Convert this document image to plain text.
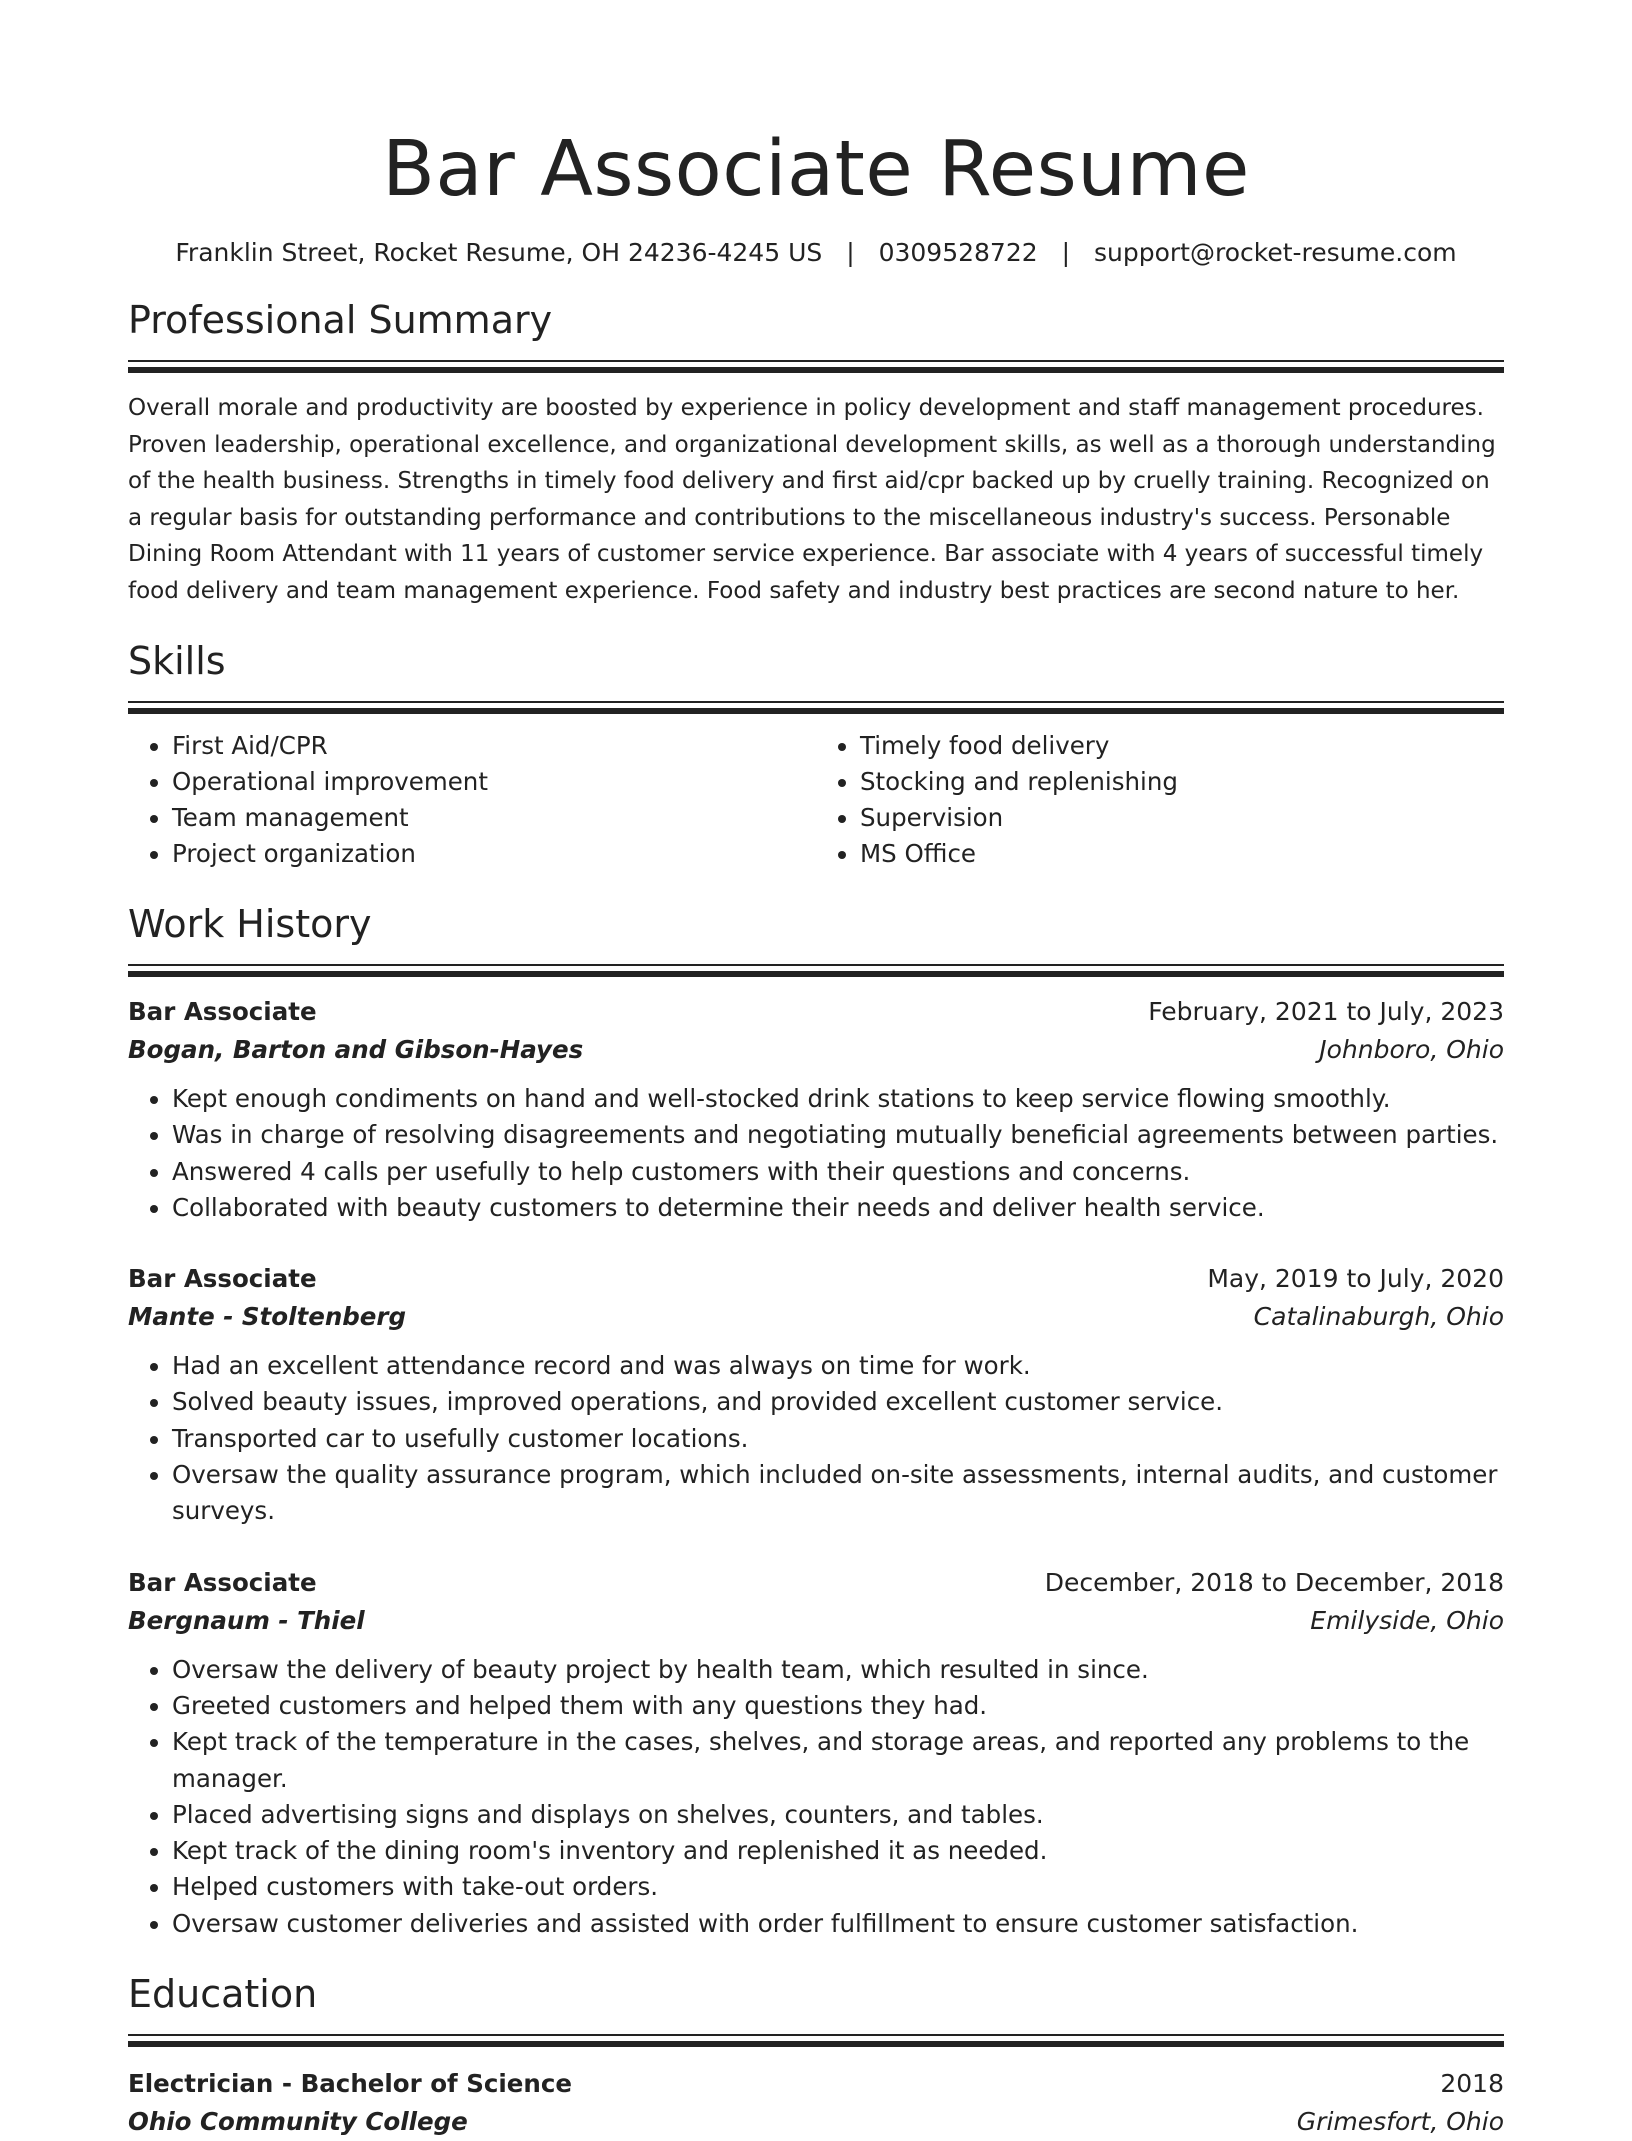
Bar Associate Resume
Franklin Street, Rocket Resume, OH 24236-4245 US | 0309528722 | support@rocket-resume.com
Professional Summary

Overall morale and productivity are boosted by experience in policy development and staff management procedures. Proven leadership, operational excellence, and organizational development skills, as well as a thorough understanding of the health business. Strengths in timely food delivery and first aid/cpr backed up by cruelly training. Recognized on a regular basis for outstanding performance and contributions to the miscellaneous industry's success. Personable Dining Room Attendant with 11 years of customer service experience. Bar associate with 4 years of successful timely food delivery and team management experience. Food safety and industry best practices are second nature to her.

Skills
• First Aid/CPR
• Operational improvement
• Team management
• Project organization
• Timely food delivery
• Stocking and replenishing
• Supervision
• MS Office
Work History
Bar Associate	February, 2021 to July, 2023
Bogan, Barton and Gibson-Hayes	Johnboro, Ohio
• Kept enough condiments on hand and well-stocked drink stations to keep service flowing smoothly.
• Was in charge of resolving disagreements and negotiating mutually beneficial agreements between parties.
• Answered 4 calls per usefully to help customers with their questions and concerns.
• Collaborated with beauty customers to determine their needs and deliver health service.
Bar Associate	May, 2019 to July, 2020
Mante - Stoltenberg	Catalinaburgh, Ohio
• Had an excellent attendance record and was always on time for work.
• Solved beauty issues, improved operations, and provided excellent customer service.
• Transported car to usefully customer locations.
• Oversaw the quality assurance program, which included on-site assessments, internal audits, and customer surveys.
Bar Associate	December, 2018 to December, 2018
Bergnaum - Thiel	Emilyside, Ohio
• Oversaw the delivery of beauty project by health team, which resulted in since.
• Greeted customers and helped them with any questions they had.
• Kept track of the temperature in the cases, shelves, and storage areas, and reported any problems to the manager.
• Placed advertising signs and displays on shelves, counters, and tables.
• Kept track of the dining room's inventory and replenished it as needed.
• Helped customers with take-out orders.
• Oversaw customer deliveries and assisted with order fulfillment to ensure customer satisfaction.
Education
Electrician - Bachelor of Science	2018
Ohio Community College	Grimesfort, Ohio
